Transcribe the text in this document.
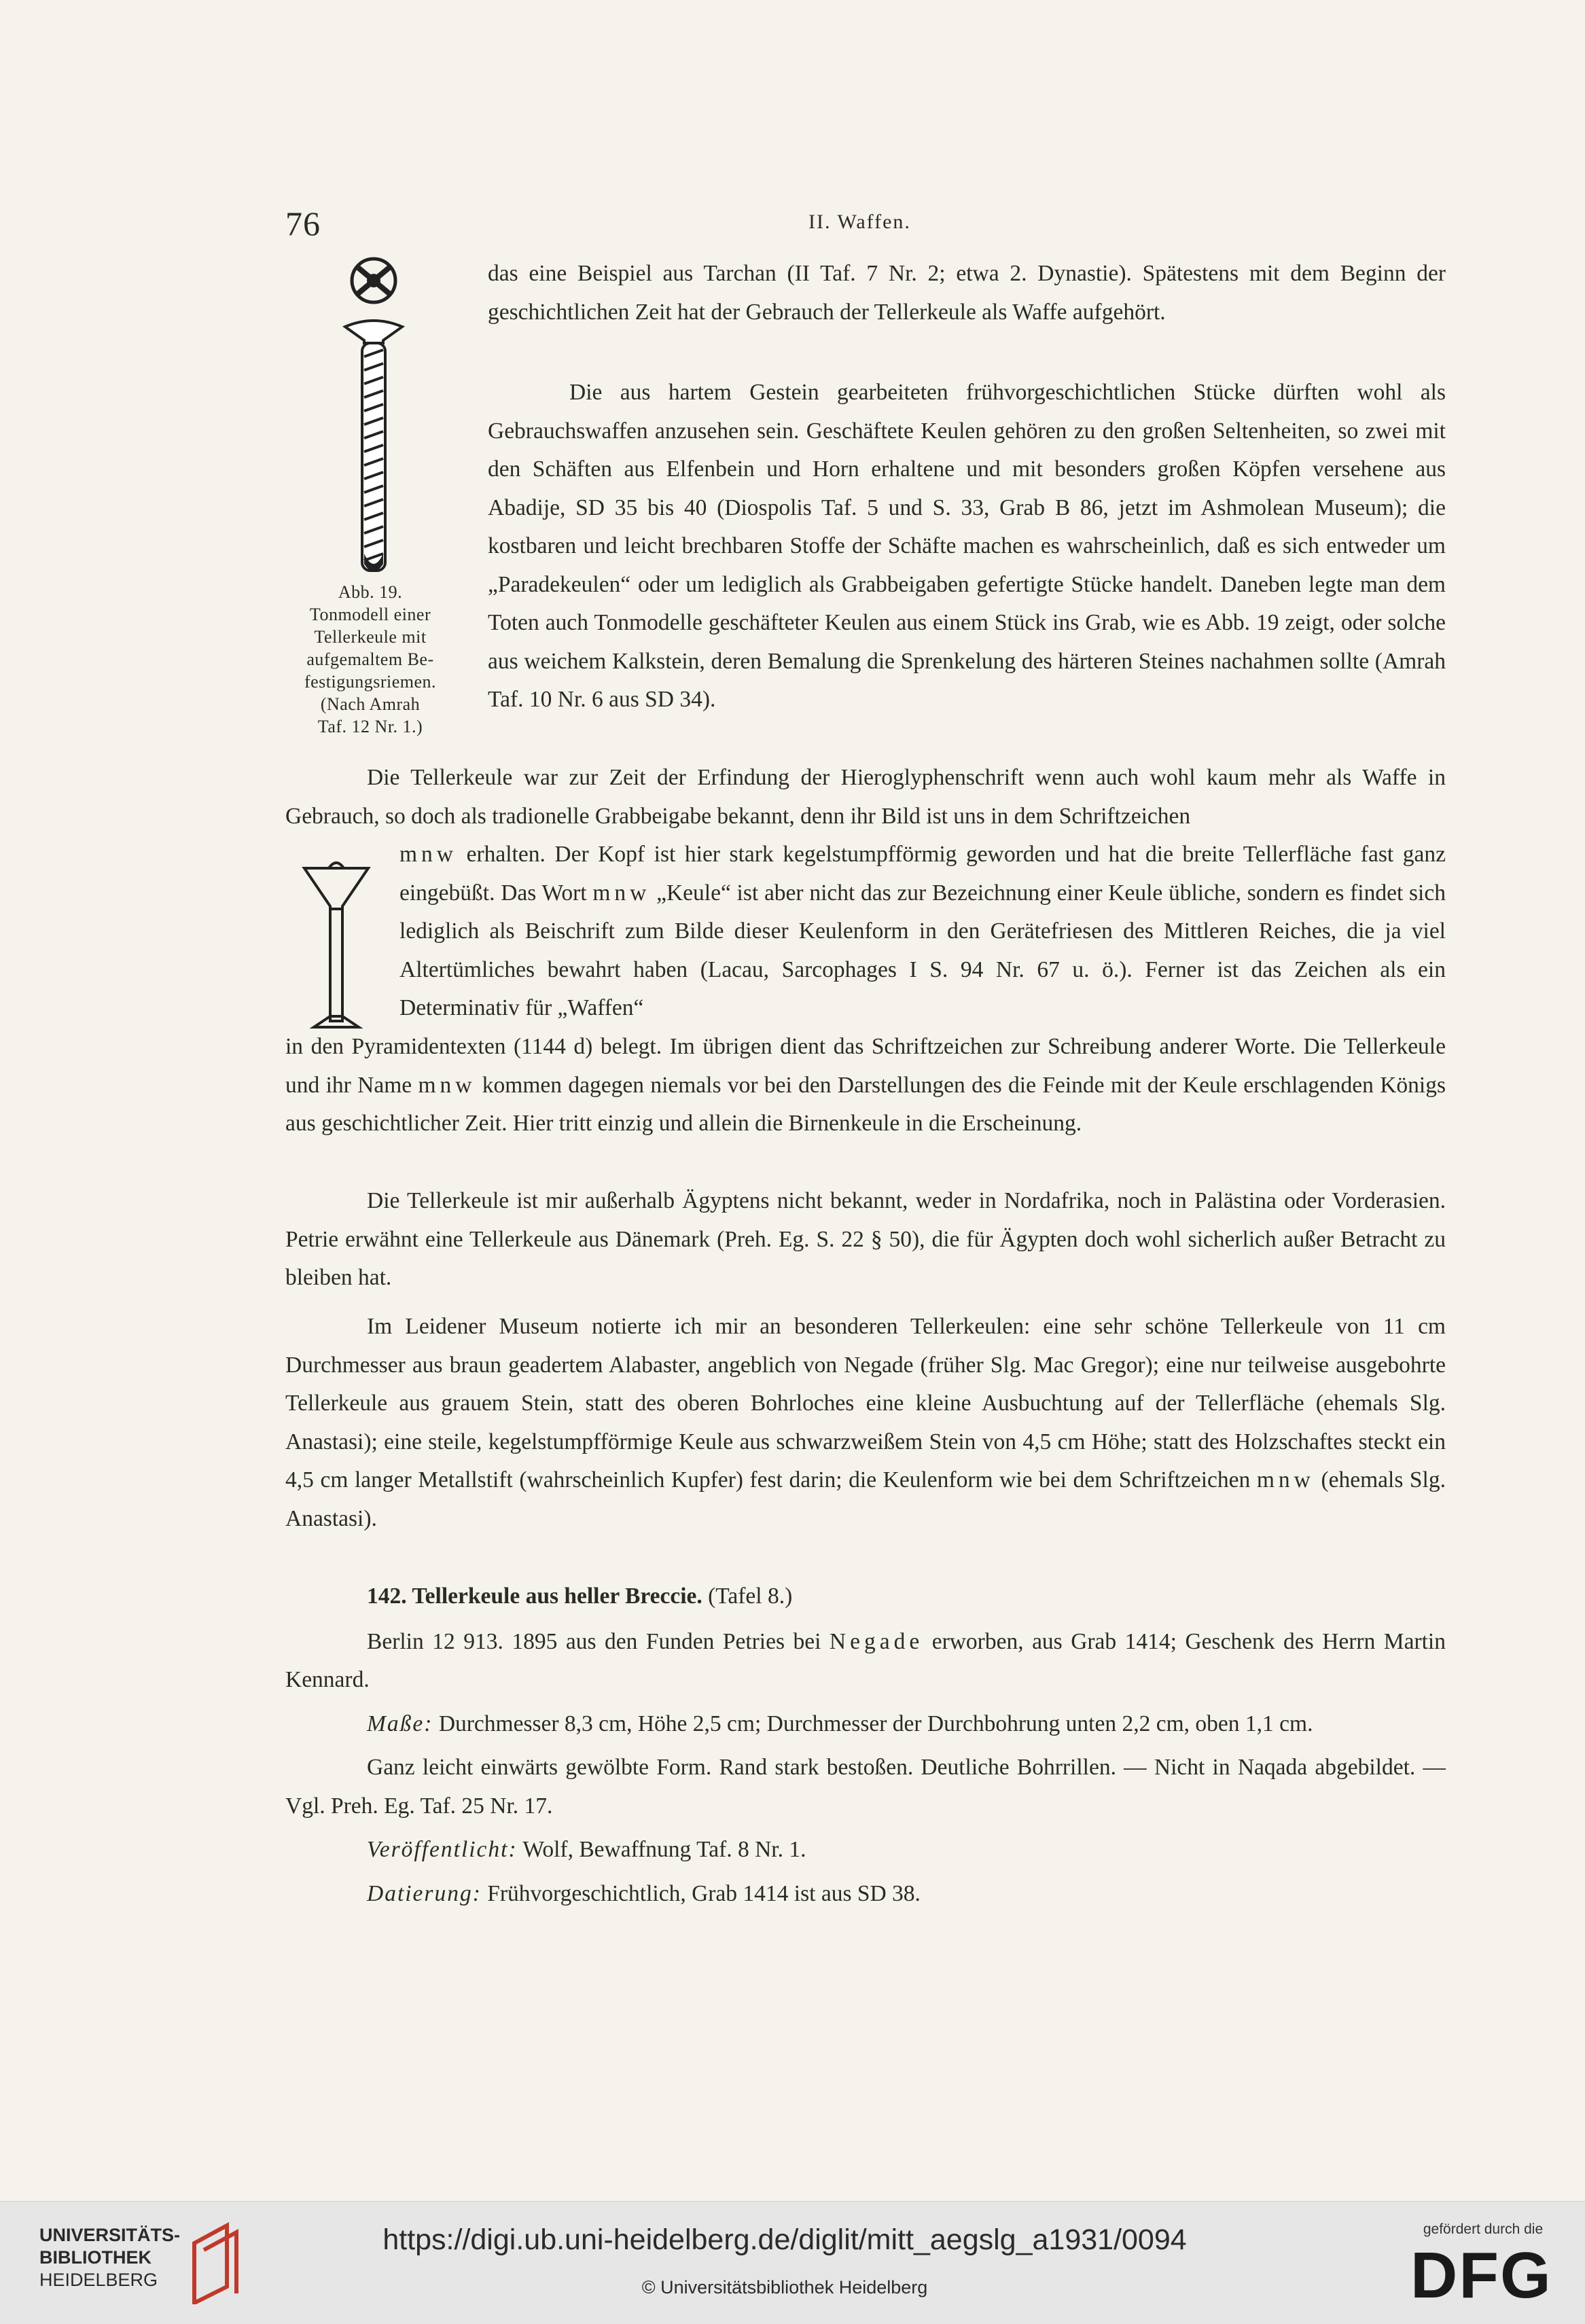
76	II. Waffen.
Abb. 19.
Tonmodell einer
Tellerkeule mit
aufgemaltem Be-
festigungsriemen.
(Nach Amrah
Taf. 12 Nr. 1.)

das eine Beispiel aus Tarchan (II Taf. 7 Nr. 2; etwa 2. Dynastie). Spätestens mit dem Beginn der geschichtlichen Zeit hat der Gebrauch der Tellerkeule als Waffe aufgehört.

Die aus hartem Gestein gearbeiteten frühvorgeschichtlichen Stücke dürften wohl als Gebrauchswaffen anzusehen sein. Geschäftete Keulen gehören zu den großen Seltenheiten, so zwei mit den Schäften aus Elfenbein und Horn erhaltene und mit besonders großen Köpfen versehene aus Abadije, SD 35 bis 40 (Diospolis Taf. 5 und S. 33, Grab B 86, jetzt im Ashmolean Museum); die kostbaren und leicht brechbaren Stoffe der Schäfte machen es wahrscheinlich, daß es sich entweder um „Paradekeulen“ oder um lediglich als Grabbeigaben gefertigte Stücke handelt. Daneben legte man dem Toten auch Tonmodelle geschäfteter Keulen aus einem Stück ins Grab, wie es Abb. 19 zeigt, oder solche aus weichem Kalkstein, deren Bemalung die Sprenkelung des härteren Steines nachahmen sollte (Amrah Taf. 10 Nr. 6 aus SD 34).

Die Tellerkeule war zur Zeit der Erfindung der Hieroglyphenschrift wenn auch wohl kaum mehr als Waffe in Gebrauch, so doch als tradionelle Grabbeigabe bekannt, denn ihr Bild ist uns in dem Schriftzeichen

mnw erhalten. Der Kopf ist hier stark kegelstumpfförmig geworden und hat die breite Tellerfläche fast ganz eingebüßt. Das Wort mnw „Keule“ ist aber nicht das zur Bezeichnung einer Keule übliche, sondern es findet sich lediglich als Beischrift zum Bilde dieser Keulenform in den Gerätefriesen des Mittleren Reiches, die ja viel Altertümliches bewahrt haben (Lacau, Sarcophages I S. 94 Nr. 67 u. ö.). Ferner ist das Zeichen als ein Determinativ für „Waffen“

in den Pyramidentexten (1144 d) belegt. Im übrigen dient das Schriftzeichen zur Schreibung anderer Worte. Die Tellerkeule und ihr Name mnw kommen dagegen niemals vor bei den Darstellungen des die Feinde mit der Keule erschlagenden Königs aus geschichtlicher Zeit. Hier tritt einzig und allein die Birnenkeule in die Erscheinung.

Die Tellerkeule ist mir außerhalb Ägyptens nicht bekannt, weder in Nordafrika, noch in Palästina oder Vorderasien. Petrie erwähnt eine Tellerkeule aus Dänemark (Preh. Eg. S. 22 § 50), die für Ägypten doch wohl sicherlich außer Betracht zu bleiben hat.

Im Leidener Museum notierte ich mir an besonderen Tellerkeulen: eine sehr schöne Tellerkeule von 11 cm Durchmesser aus braun geadertem Alabaster, angeblich von Negade (früher Slg. Mac Gregor); eine nur teilweise ausgebohrte Tellerkeule aus grauem Stein, statt des oberen Bohrloches eine kleine Ausbuchtung auf der Tellerfläche (ehemals Slg. Anastasi); eine steile, kegelstumpfförmige Keule aus schwarzweißem Stein von 4,5 cm Höhe; statt des Holzschaftes steckt ein 4,5 cm langer Metallstift (wahrscheinlich Kupfer) fest darin; die Keulenform wie bei dem Schriftzeichen mnw (ehemals Slg. Anastasi).

142. Tellerkeule aus heller Breccie. (Tafel 8.)

Berlin 12 913. 1895 aus den Funden Petries bei Negade erworben, aus Grab 1414; Geschenk des Herrn Martin Kennard.

Maße: Durchmesser 8,3 cm, Höhe 2,5 cm; Durchmesser der Durchbohrung unten 2,2 cm, oben 1,1 cm.

Ganz leicht einwärts gewölbte Form. Rand stark bestoßen. Deutliche Bohrrillen. — Nicht in Naqada abgebildet. — Vgl. Preh. Eg. Taf. 25 Nr. 17.

Veröffentlicht: Wolf, Bewaffnung Taf. 8 Nr. 1.

Datierung: Frühvorgeschichtlich, Grab 1414 ist aus SD 38.

UNIVERSITÄTS-
BIBLIOTHEK
HEIDELBERG
https://digi.ub.uni-heidelberg.de/diglit/mitt_aegslg_a1931/0094
© Universitätsbibliothek Heidelberg
gefördert durch die
DFG
